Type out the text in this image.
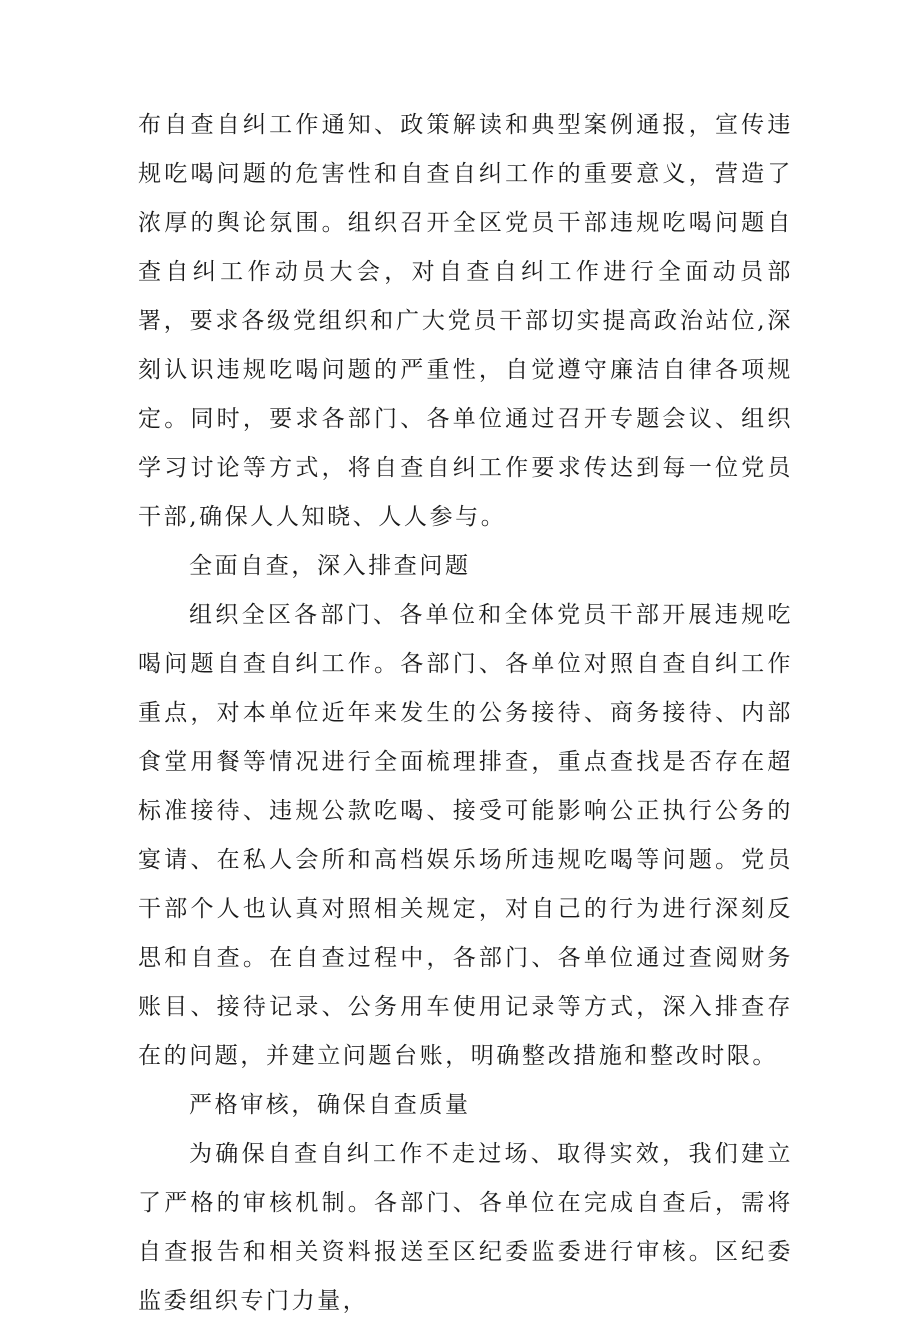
布自查自纠工作通知、政策解读和典型案例通报，宣传违规吃喝问题的危害性和自查自纠工作的重要意义，营造了浓厚的舆论氛围。组织召开全区党员干部违规吃喝问题自查自纠工作动员大会，对自查自纠工作进行全面动员部署，要求各级党组织和广大党员干部切实提高政治站位,深刻认识违规吃喝问题的严重性，自觉遵守廉洁自律各项规定。同时，要求各部门、各单位通过召开专题会议、组织学习讨论等方式，将自查自纠工作要求传达到每一位党员干部,确保人人知晓、人人参与。

全面自查，深入排查问题

组织全区各部门、各单位和全体党员干部开展违规吃喝问题自查自纠工作。各部门、各单位对照自查自纠工作重点，对本单位近年来发生的公务接待、商务接待、内部食堂用餐等情况进行全面梳理排查，重点查找是否存在超标准接待、违规公款吃喝、接受可能影响公正执行公务的宴请、在私人会所和高档娱乐场所违规吃喝等问题。党员干部个人也认真对照相关规定，对自己的行为进行深刻反思和自查。在自查过程中，各部门、各单位通过查阅财务账目、接待记录、公务用车使用记录等方式，深入排查存在的问题，并建立问题台账，明确整改措施和整改时限。

严格审核，确保自查质量

为确保自查自纠工作不走过场、取得实效，我们建立了严格的审核机制。各部门、各单位在完成自查后，需将自查报告和相关资料报送至区纪委监委进行审核。区纪委监委组织专门力量，
